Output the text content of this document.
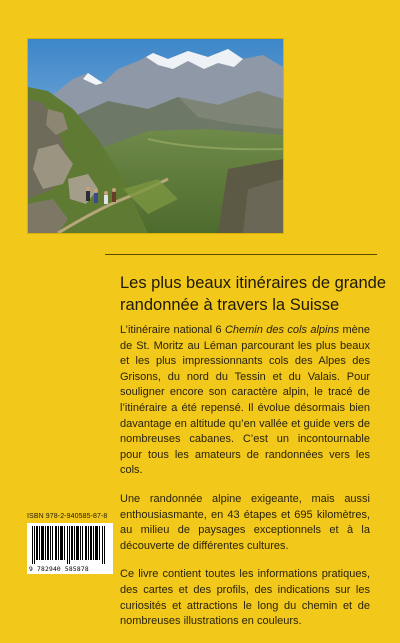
Les plus beaux itinéraires de grande
randonnée à travers la Suisse

L’itinéraire national 6 Chemin des cols alpins mène de St. Moritz au Léman parcourant les plus beaux et les plus impressionnants cols des Alpes des Grisons, du nord du Tessin et du Valais. Pour souligner encore son caractère alpin, le tracé de l’itinéraire a été repensé. Il évolue désormais bien davantage en altitude qu’en vallée et guide vers de nombreuses cabanes. C’est un incontournable pour tous les amateurs de randonnées vers les cols.

Une randonnée alpine exigeante, mais aussi enthousiasmante, en 43 étapes et 695 kilomètres, au milieu de paysages exceptionnels et à la découverte de différentes cultures.

Ce livre contient toutes les informations pratiques, des cartes et des profils, des indications sur les curiosités et attractions le long du chemin et de nombreuses illustrations en couleurs.

ISBN 978-2-940585-87-8
9 782940 585878
